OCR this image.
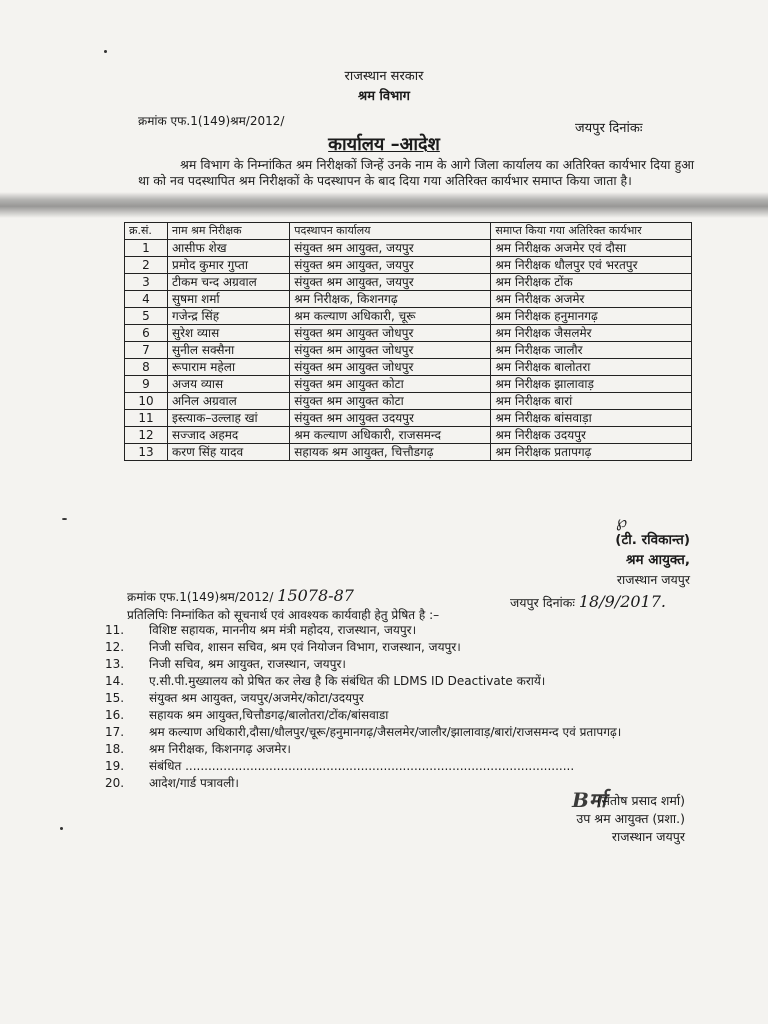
राजस्थान सरकार
श्रम विभाग
क्रमांक एफ.1(149)श्रम/2012/	जयपुर दिनांकः
कार्यालय –आदेश
श्रम विभाग के निम्नांकित श्रम निरीक्षकों जिन्हें उनके नाम के आगे जिला कार्यालय का अतिरिक्त कार्यभार दिया हुआ था को नव पदस्थापित श्रम निरीक्षकों के पदस्थापन के बाद दिया गया अतिरिक्त कार्यभार समाप्त किया जाता है।
क्र.सं.	नाम श्रम निरीक्षक	पदस्थापन कार्यालय	समाप्त किया गया अतिरिक्त कार्यभार
1	आसीफ शेख	संयुक्त श्रम आयुक्त, जयपुर	श्रम निरीक्षक अजमेर एवं दौसा
2	प्रमोद कुमार गुप्ता	संयुक्त श्रम आयुक्त, जयपुर	श्रम निरीक्षक धौलपुर एवं भरतपुर
3	टीकम चन्द अग्रवाल	संयुक्त श्रम आयुक्त, जयपुर	श्रम निरीक्षक टोंक
4	सुषमा शर्मा	श्रम निरीक्षक, किशनगढ़	श्रम निरीक्षक अजमेर
5	गजेन्द्र सिंह	श्रम कल्याण अधिकारी, चूरू	श्रम निरीक्षक हनुमानगढ़
6	सुरेश व्यास	संयुक्त श्रम आयुक्त जोधपुर	श्रम निरीक्षक जैसलमेर
7	सुनील सक्सैना	संयुक्त श्रम आयुक्त जोधपुर	श्रम निरीक्षक जालौर
8	रूपाराम महेला	संयुक्त श्रम आयुक्त जोधपुर	श्रम निरीक्षक बालोतरा
9	अजय व्यास	संयुक्त श्रम आयुक्त कोटा	श्रम निरीक्षक झालावाड़
10	अनिल अग्रवाल	संयुक्त श्रम आयुक्त कोटा	श्रम निरीक्षक बारां
11	इस्त्याक–उल्लाह खां	संयुक्त श्रम आयुक्त उदयपुर	श्रम निरीक्षक बांसवाड़ा
12	सज्जाद अहमद	श्रम कल्याण अधिकारी, राजसमन्द	श्रम निरीक्षक उदयपुर
13	करण सिंह यादव	सहायक श्रम आयुक्त, चित्तौडगढ़	श्रम निरीक्षक प्रतापगढ़
℘
(टी. रविकान्त)
श्रम आयुक्त,
राजस्थान जयपुर
क्रमांक एफ.1(149)श्रम/2012/ 15078-87	जयपुर दिनांकः 18/9/2017.
प्रतिलिपिः निम्नांकित को सूचनार्थ एवं आवश्यक कार्यवाही हेतु प्रेषित है :–
11. विशिष्ट सहायक, माननीय श्रम मंत्री महोदय, राजस्थान, जयपुर।
12. निजी सचिव, शासन सचिव, श्रम एवं नियोजन विभाग, राजस्थान, जयपुर।
13. निजी सचिव, श्रम आयुक्त, राजस्थान, जयपुर।
14. ए.सी.पी.मुख्यालय को प्रेषित कर लेख है कि संबंधित की LDMS ID Deactivate करायें।
15. संयुक्त श्रम आयुक्त, जयपुर/अजमेर/कोटा/उदयपुर
16. सहायक श्रम आयुक्त,चित्तौडगढ़/बालोतरा/टोंक/बांसवाडा
17. श्रम कल्याण अधिकारी,दौसा/धौलपुर/चूरू/हनुमानगढ़/जैसलमेर/जालौर/झालावाड़/बारां/राजसमन्द एवं प्रतापगढ़।
18. श्रम निरीक्षक, किशनगढ़ अजमेर।
19. संबंधित ......................................................................................................
20. आदेश/गार्ड पत्रावली।
Bर्मा
(संतोष प्रसाद शर्मा)
उप श्रम आयुक्त (प्रशा.)
राजस्थान जयपुर
